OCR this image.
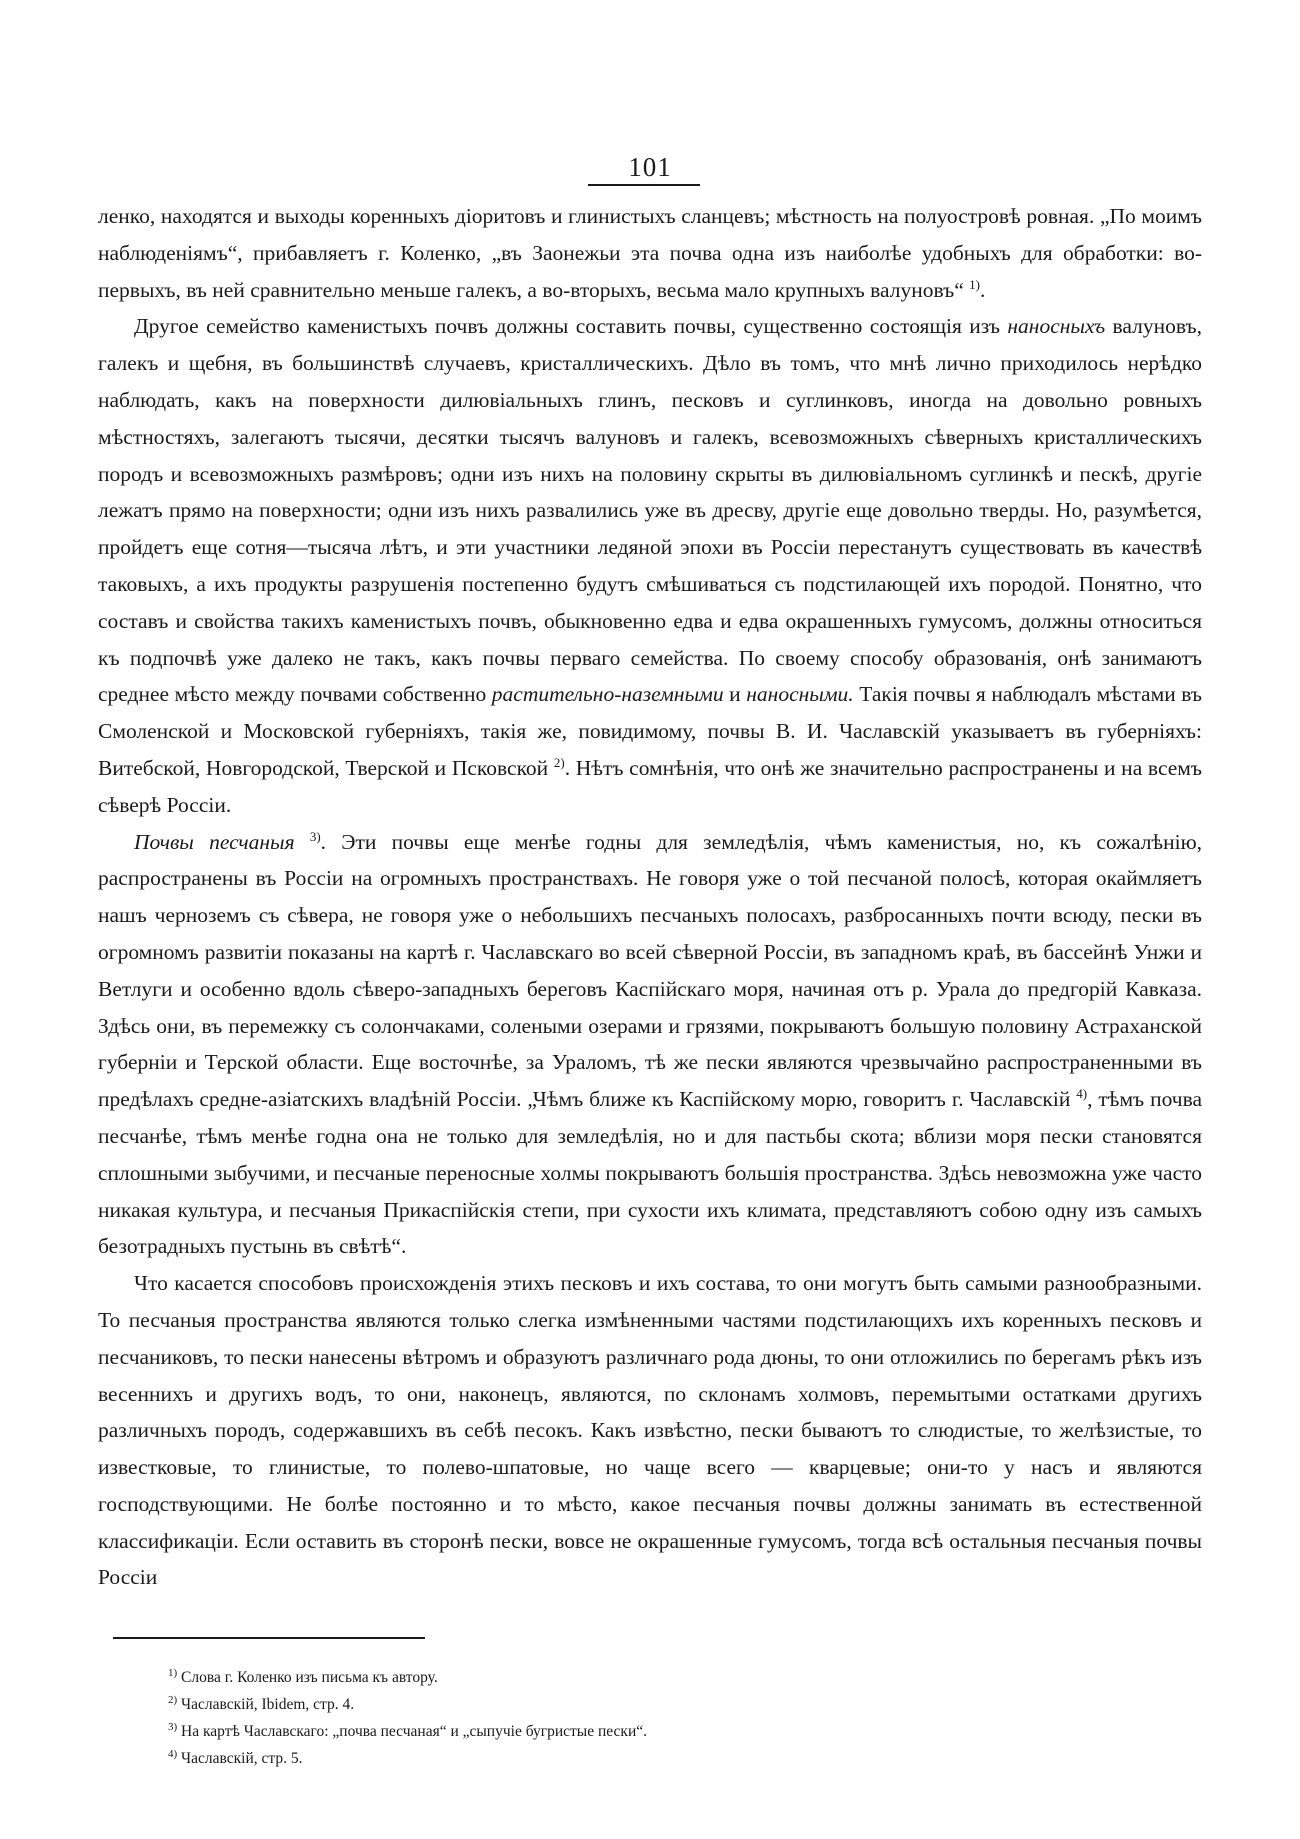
101

ленко, находятся и выходы коренныхъ діоритовъ и глинистыхъ сланцевъ; мѣстность на полуостровѣ ровная. „По моимъ наблюденіямъ“, прибавляетъ г. Коленко, „въ Заонежьи эта почва одна изъ наиболѣе удобныхъ для обработки: во-первыхъ, въ ней сравнительно меньше галекъ, а во-вторыхъ, весьма мало крупныхъ валуновъ“ $^{1)}$.

Другое семейство каменистыхъ почвъ должны составить почвы, существенно состоящія изъ наносныхъ валуновъ, галекъ и щебня, въ большинствѣ случаевъ, кристаллическихъ. Дѣло въ томъ, что мнѣ лично приходилось нерѣдко наблюдать, какъ на поверхности дилювіальныхъ глинъ, песковъ и суглинковъ, иногда на довольно ровныхъ мѣстностяхъ, залегаютъ тысячи, десятки тысячъ валуновъ и галекъ, всевозможныхъ сѣверныхъ кристаллическихъ породъ и всевозможныхъ размѣровъ; одни изъ нихъ на половину скрыты въ дилювіальномъ суглинкѣ и пескѣ, другіе лежатъ прямо на поверхности; одни изъ нихъ развалились уже въ дресву, другіе еще довольно тверды. Но, разумѣется, пройдетъ еще сотня—тысяча лѣтъ, и эти участники ледяной эпохи въ Россіи перестанутъ существовать въ качествѣ таковыхъ, а ихъ продукты разрушенія постепенно будутъ смѣшиваться съ подстилающей ихъ породой. Понятно, что составъ и свойства такихъ каменистыхъ почвъ, обыкновенно едва и едва окрашенныхъ гумусомъ, должны относиться къ подпочвѣ уже далеко не такъ, какъ почвы перваго семейства. По своему способу образованія, онѣ занимаютъ среднее мѣсто между почвами собственно растительно-наземными и наносными. Такія почвы я наблюдалъ мѣстами въ Смоленской и Московской губерніяхъ, такія же, повидимому, почвы В. И. Чаславскій указываетъ въ губерніяхъ: Витебской, Новгородской, Тверской и Псковской $^{2)}$. Нѣтъ сомнѣнія, что онѣ же значительно распространены и на всемъ сѣверѣ Россіи.

Почвы песчаныя $^{3)}$. Эти почвы еще менѣе годны для земледѣлія, чѣмъ каменистыя, но, къ сожалѣнію, распространены въ Россіи на огромныхъ пространствахъ. Не говоря уже о той песчаной полосѣ, которая окаймляетъ нашъ черноземъ съ сѣвера, не говоря уже о небольшихъ песчаныхъ полосахъ, разбросанныхъ почти всюду, пески въ огромномъ развитіи показаны на картѣ г. Чаславскаго во всей сѣверной Россіи, въ западномъ краѣ, въ бассейнѣ Унжи и Ветлуги и особенно вдоль сѣверо-западныхъ береговъ Каспійскаго моря, начиная отъ р. Урала до предгорій Кавказа. Здѣсь они, въ перемежку съ солончаками, солеными озерами и грязями, покрываютъ большую половину Астраханской губерніи и Терской области. Еще восточнѣе, за Ураломъ, тѣ же пески являются чрезвычайно распространенными въ предѣлахъ средне-азіатскихъ владѣній Россіи. „Чѣмъ ближе къ Каспійскому морю, говоритъ г. Чаславскій $^{4)}$, тѣмъ почва песчанѣе, тѣмъ менѣе годна она не только для земледѣлія, но и для пастьбы скота; вблизи моря пески становятся сплошными зыбучими, и песчаные переносные холмы покрываютъ большія пространства. Здѣсь невозможна уже часто никакая культура, и песчаныя Прикаспійскія степи, при сухости ихъ климата, представляютъ собою одну изъ самыхъ безотрадныхъ пустынь въ свѣтѣ“.

Что касается способовъ происхожденія этихъ песковъ и ихъ состава, то они могутъ быть самыми разнообразными. То песчаныя пространства являются только слегка измѣненными частями подстилающихъ ихъ коренныхъ песковъ и песчаниковъ, то пески нанесены вѣтромъ и образуютъ различнаго рода дюны, то они отложились по берегамъ рѣкъ изъ весеннихъ и другихъ водъ, то они, наконецъ, являются, по склонамъ холмовъ, перемытыми остатками другихъ различныхъ породъ, содержавшихъ въ себѣ песокъ. Какъ извѣстно, пески бываютъ то слюдистые, то желѣзистые, то известковые, то глинистые, то полево-шпатовые, но чаще всего — кварцевые; они-то у насъ и являются господствующими. Не болѣе постоянно и то мѣсто, какое песчаныя почвы должны занимать въ естественной классификаціи. Если оставить въ сторонѣ пески, вовсе не окрашенные гумусомъ, тогда всѣ остальныя песчаныя почвы Россіи

$^{1)}$ Слова г. Коленко изъ письма къ автору.

$^{2)}$ Чаславскій, Ibidem, стр. 4.

$^{3)}$ На картѣ Чаславскаго: „почва песчаная“ и „сыпучіе бугристые пески“.

$^{4)}$ Чаславскій, стр. 5.
